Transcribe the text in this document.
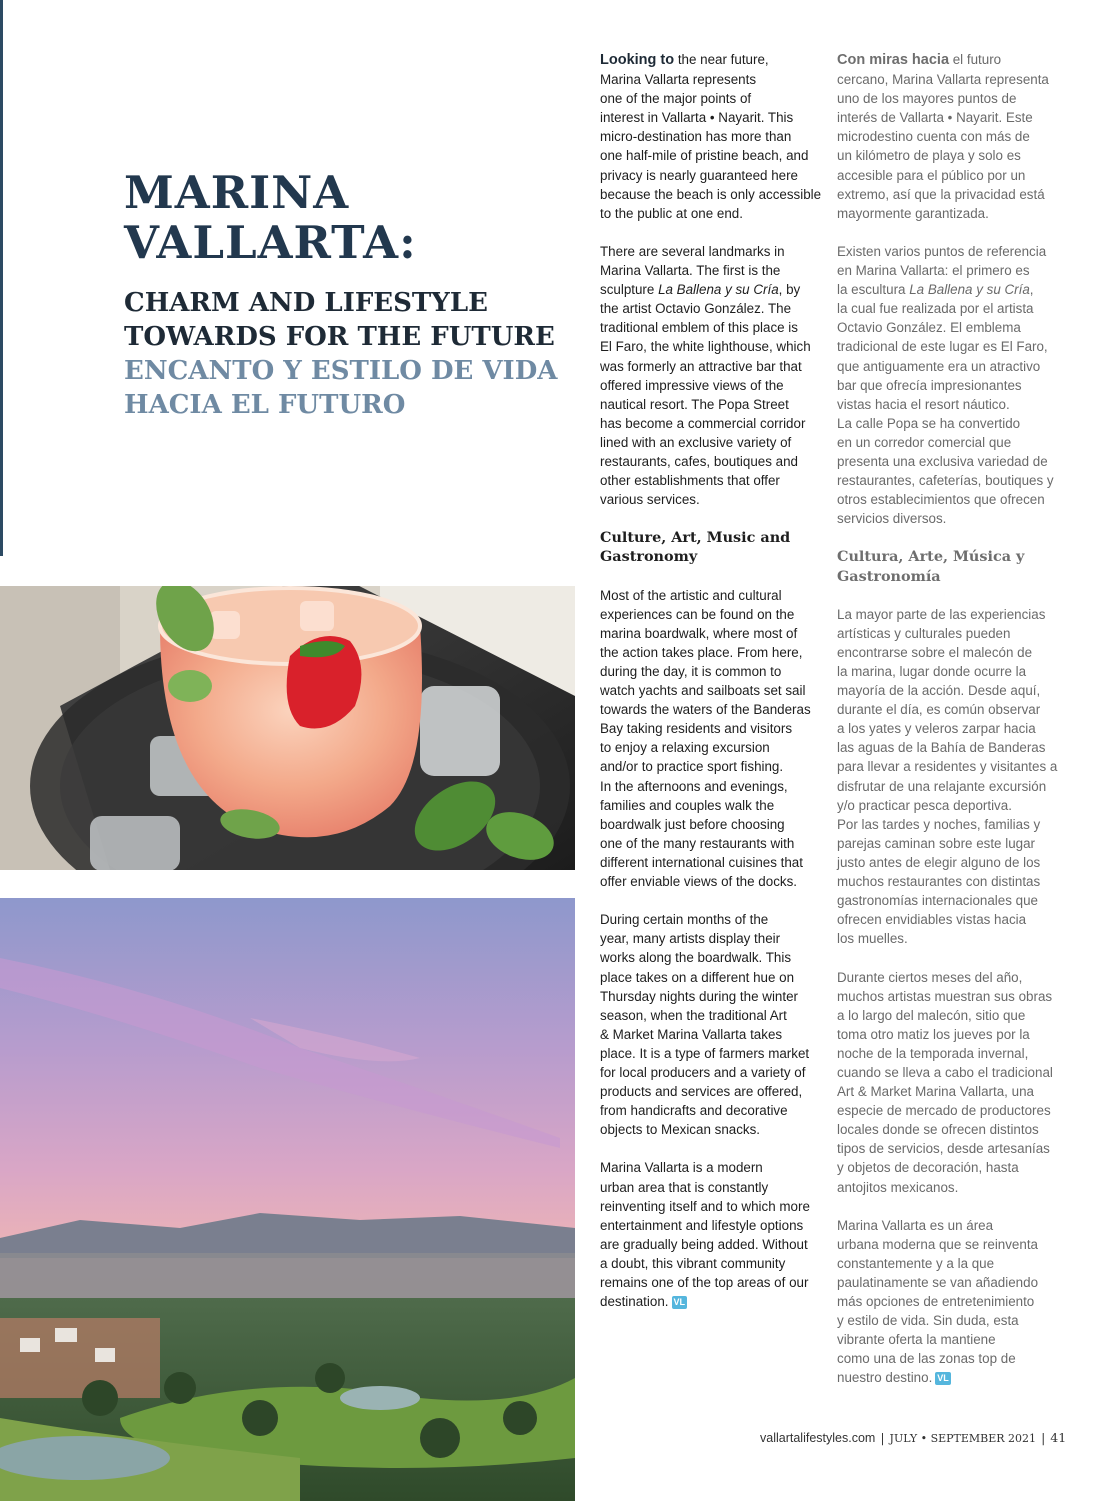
MARINA
VALLARTA:
CHARM AND LIFESTYLE
TOWARDS FOR THE FUTURE
ENCANTO Y ESTILO DE VIDA
HACIA EL FUTURO

Looking to the near future,
Marina Vallarta represents
one of the major points of
interest in Vallarta • Nayarit. This
micro-destination has more than
one half-mile of pristine beach, and
privacy is nearly guaranteed here
because the beach is only accessible
to the public at one end.

There are several landmarks in
Marina Vallarta. The first is the
sculpture La Ballena y su Cría, by
the artist Octavio González. The
traditional emblem of this place is
El Faro, the white lighthouse, which
was formerly an attractive bar that
offered impressive views of the
nautical resort. The Popa Street
has become a commercial corridor
lined with an exclusive variety of
restaurants, cafes, boutiques and
other establishments that offer
various services.

Culture, Art, Music and
Gastronomy

Most of the artistic and cultural
experiences can be found on the
marina boardwalk, where most of
the action takes place. From here,
during the day, it is common to
watch yachts and sailboats set sail
towards the waters of the Banderas
Bay taking residents and visitors
to enjoy a relaxing excursion
and/or to practice sport fishing.
In the afternoons and evenings,
families and couples walk the
boardwalk just before choosing
one of the many restaurants with
different international cuisines that
offer enviable views of the docks.

During certain months of the
year, many artists display their
works along the boardwalk. This
place takes on a different hue on
Thursday nights during the winter
season, when the traditional Art
& Market Marina Vallarta takes
place. It is a type of farmers market
for local producers and a variety of
products and services are offered,
from handicrafts and decorative
objects to Mexican snacks.

Marina Vallarta is a modern
urban area that is constantly
reinventing itself and to which more
entertainment and lifestyle options
are gradually being added. Without
a doubt, this vibrant community
remains one of the top areas of our
destination. VL

Con miras hacia el futuro
cercano, Marina Vallarta representa
uno de los mayores puntos de
interés de Vallarta • Nayarit. Este
microdestino cuenta con más de
un kilómetro de playa y solo es
accesible para el público por un
extremo, así que la privacidad está
mayormente garantizada.

Existen varios puntos de referencia
en Marina Vallarta: el primero es
la escultura La Ballena y su Cría,
la cual fue realizada por el artista
Octavio González. El emblema
tradicional de este lugar es El Faro,
que antiguamente era un atractivo
bar que ofrecía impresionantes
vistas hacia el resort náutico.
La calle Popa se ha convertido
en un corredor comercial que
presenta una exclusiva variedad de
restaurantes, cafeterías, boutiques y
otros establecimientos que ofrecen
servicios diversos.

Cultura, Arte, Música y
Gastronomía

La mayor parte de las experiencias
artísticas y culturales pueden
encontrarse sobre el malecón de
la marina, lugar donde ocurre la
mayoría de la acción. Desde aquí,
durante el día, es común observar
a los yates y veleros zarpar hacia
las aguas de la Bahía de Banderas
para llevar a residentes y visitantes a
disfrutar de una relajante excursión
y/o practicar pesca deportiva.
Por las tardes y noches, familias y
parejas caminan sobre este lugar
justo antes de elegir alguno de los
muchos restaurantes con distintas
gastronomías internacionales que
ofrecen envidiables vistas hacia
los muelles.

Durante ciertos meses del año,
muchos artistas muestran sus obras
a lo largo del malecón, sitio que
toma otro matiz los jueves por la
noche de la temporada invernal,
cuando se lleva a cabo el tradicional
Art & Market Marina Vallarta, una
especie de mercado de productores
locales donde se ofrecen distintos
tipos de servicios, desde artesanías
y objetos de decoración, hasta
antojitos mexicanos.

Marina Vallarta es un área
urbana moderna que se reinventa
constantemente y a la que
paulatinamente se van añadiendo
más opciones de entretenimiento
y estilo de vida. Sin duda, esta
vibrante oferta la mantiene
como una de las zonas top de
nuestro destino. VL

vallartalifestyles.com | JULY • SEPTEMBER 2021 | 41
